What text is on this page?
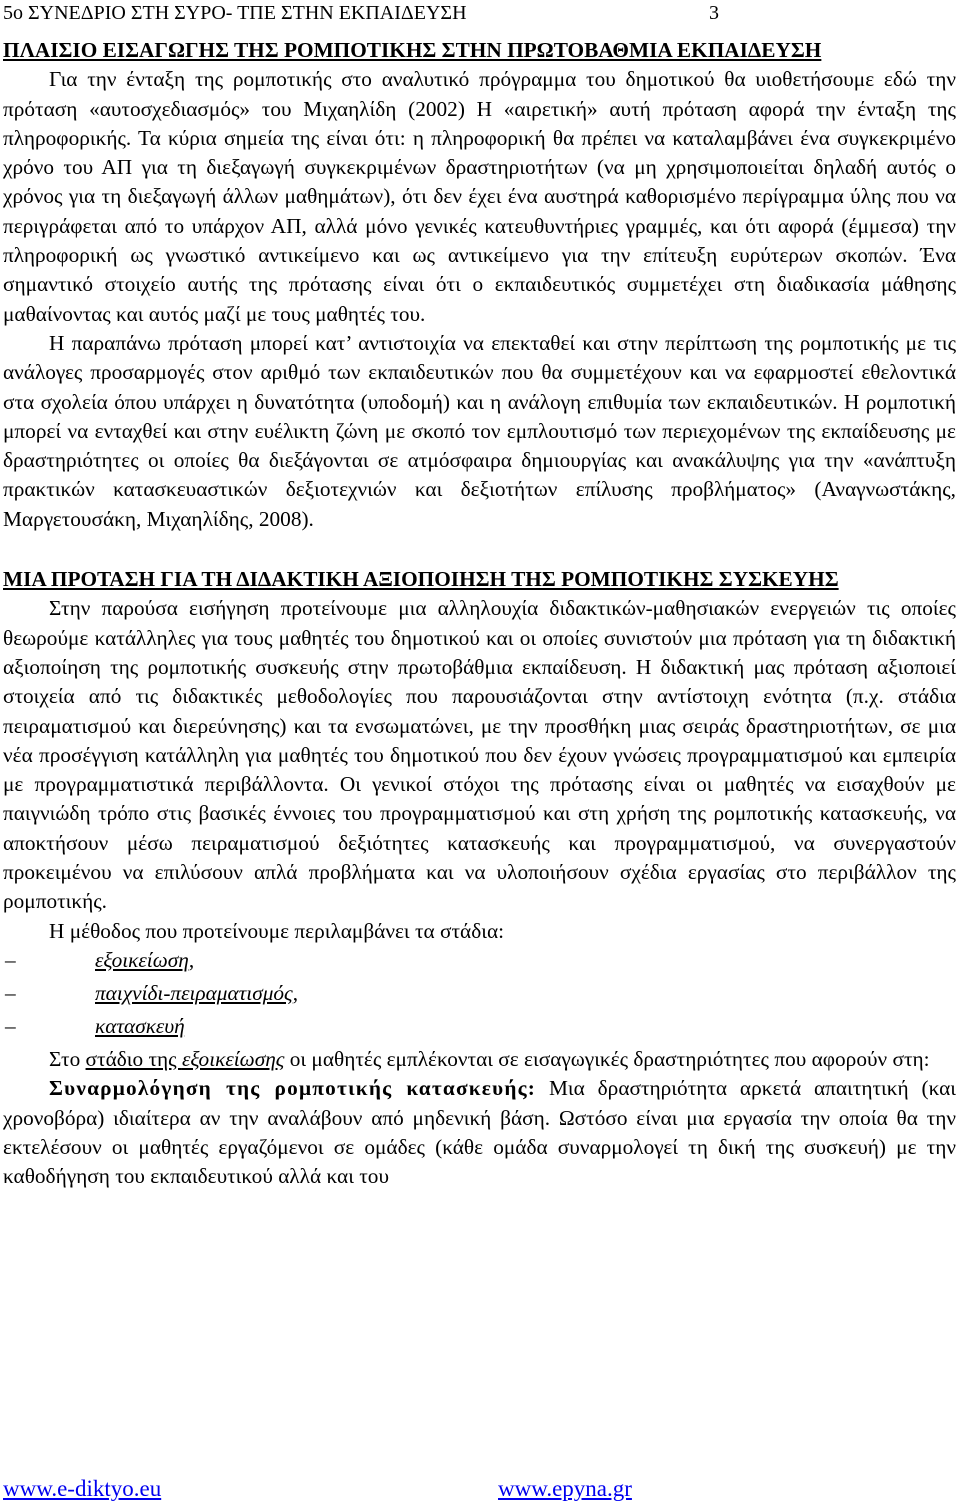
5o ΣΥΝΕΔΡΙΟ ΣΤΗ ΣΥΡΟ- ΤΠΕ ΣΤΗΝ ΕΚΠΑΙΔΕΥΣΗ	3
ΠΛΑΙΣΙΟ ΕΙΣΑΓΩΓΗΣ ΤΗΣ ΡΟΜΠΟΤΙΚΗΣ ΣΤΗΝ ΠΡΩΤΟΒΑΘΜΙΑ ΕΚΠΑΙΔΕΥΣΗ

Για την ένταξη της ρομποτικής στο αναλυτικό πρόγραμμα του δημοτικού θα υιοθετήσουμε εδώ την πρόταση «αυτοσχεδιασμός» του Μιχαηλίδη (2002) Η «αιρετική» αυτή πρόταση αφορά την ένταξη της πληροφορικής. Τα κύρια σημεία της είναι ότι: η πληροφορική θα πρέπει να καταλαμβάνει ένα συγκεκριμένο χρόνο του ΑΠ για τη διεξαγωγή συγκεκριμένων δραστηριοτήτων (να μη χρησιμοποιείται δηλαδή αυτός ο χρόνος για τη διεξαγωγή άλλων μαθημάτων), ότι δεν έχει ένα αυστηρά καθορισμένο περίγραμμα ύλης που να περιγράφεται από το υπάρχον ΑΠ, αλλά μόνο γενικές κατευθυντήριες γραμμές, και ότι αφορά (έμμεσα) την πληροφορική ως γνωστικό αντικείμενο και ως αντικείμενο για την επίτευξη ευρύτερων σκοπών. Ένα σημαντικό στοιχείο αυτής της πρότασης είναι ότι ο εκπαιδευτικός συμμετέχει στη διαδικασία μάθησης μαθαίνοντας και αυτός μαζί με τους μαθητές του.

Η παραπάνω πρόταση μπορεί κατ’ αντιστοιχία να επεκταθεί και στην περίπτωση της ρομποτικής με τις ανάλογες προσαρμογές στον αριθμό των εκπαιδευτικών που θα συμμετέχουν και να εφαρμοστεί εθελοντικά στα σχολεία όπου υπάρχει η δυνατότητα (υποδομή) και η ανάλογη επιθυμία των εκπαιδευτικών. Η ρομποτική μπορεί να ενταχθεί και στην ευέλικτη ζώνη με σκοπό τον εμπλουτισμό των περιεχομένων της εκπαίδευσης με δραστηριότητες οι οποίες θα διεξάγονται σε ατμόσφαιρα δημιουργίας και ανακάλυψης για την «ανάπτυξη πρακτικών κατασκευαστικών δεξιοτεχνιών και δεξιοτήτων επίλυσης προβλήματος» (Αναγνωστάκης, Μαργετουσάκη, Μιχαηλίδης, 2008).

ΜΙΑ ΠΡΟΤΑΣΗ ΓΙΑ ΤΗ ΔΙΔΑΚΤΙΚΗ ΑΞΙΟΠΟΙΗΣΗ ΤΗΣ ΡΟΜΠΟΤΙΚΗΣ ΣΥΣΚΕΥΗΣ

Στην παρούσα εισήγηση προτείνουμε μια αλληλουχία διδακτικών-μαθησιακών ενεργειών τις οποίες θεωρούμε κατάλληλες για τους μαθητές του δημοτικού και οι οποίες συνιστούν μια πρόταση για τη διδακτική αξιοποίηση της ρομποτικής συσκευής στην πρωτοβάθμια εκπαίδευση. Η διδακτική μας πρόταση αξιοποιεί στοιχεία από τις διδακτικές μεθοδολογίες που παρουσιάζονται στην αντίστοιχη ενότητα (π.χ. στάδια πειραματισμού και διερεύνησης) και τα ενσωματώνει, με την προσθήκη μιας σειράς δραστηριοτήτων, σε μια νέα προσέγγιση κατάλληλη για μαθητές του δημοτικού που δεν έχουν γνώσεις προγραμματισμού και εμπειρία με προγραμματιστικά περιβάλλοντα. Οι γενικοί στόχοι της πρότασης είναι οι μαθητές να εισαχθούν με παιγνιώδη τρόπο στις βασικές έννοιες του προγραμματισμού και στη χρήση της ρομποτικής κατασκευής, να αποκτήσουν μέσω πειραματισμού δεξιότητες κατασκευής και προγραμματισμού, να συνεργαστούν προκειμένου να επιλύσουν απλά προβλήματα και να υλοποιήσουν σχέδια εργασίας στο περιβάλλον της ρομποτικής.

Η μέθοδος που προτείνουμε περιλαμβάνει τα στάδια:

–	εξοικείωση,
–	παιχνίδι-πειραματισμός,
–	κατασκευή

Στο στάδιο της εξοικείωσης οι μαθητές εμπλέκονται σε εισαγωγικές δραστηριότητες που αφορούν στη:

Συναρμολόγηση της ρομποτικής κατασκευής: Μια δραστηριότητα αρκετά απαιτητική (και χρονοβόρα) ιδιαίτερα αν την αναλάβουν από μηδενική βάση. Ωστόσο είναι μια εργασία την οποία θα την εκτελέσουν οι μαθητές εργαζόμενοι σε ομάδες (κάθε ομάδα συναρμολογεί τη δική της συσκευή) με την καθοδήγηση του εκπαιδευτικού αλλά και του

www.e-diktyo.eu	www.epyna.gr
